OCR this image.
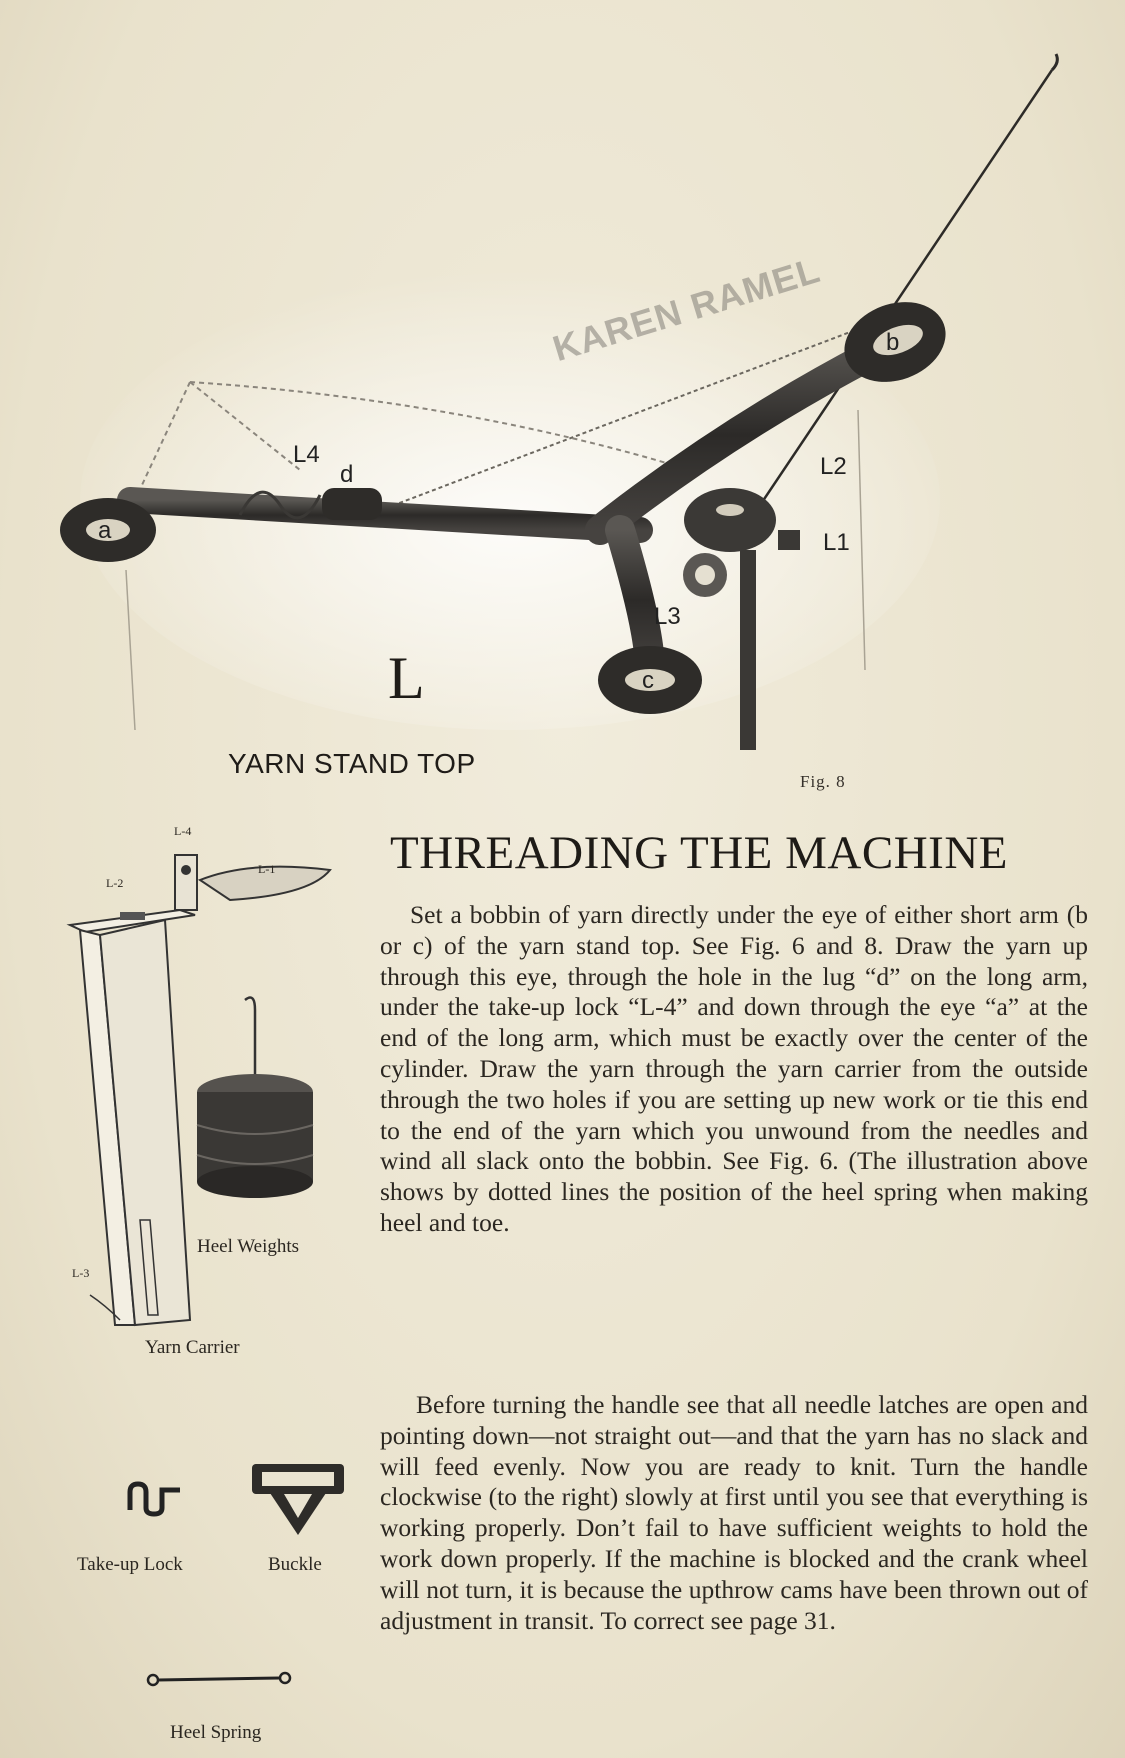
a
b
c
d
L1
L2
L3
L4
L
KAREN RAMEL
YARN STAND TOP
Fig. 8
L-4
L-2
L-1
L-3
Heel Weights
Yarn Carrier
Take-up Lock	Buckle
Heel Spring
THREADING THE MACHINE

Set a bobbin of yarn directly under the eye of either short arm (b or c) of the yarn stand top. See Fig. 6 and 8. Draw the yarn up through this eye, through the hole in the lug “d” on the long arm, under the take-up lock “L-4” and down through the eye “a” at the end of the long arm, which must be exactly over the center of the cylinder. Draw the yarn through the yarn carrier from the outside through the two holes if you are setting up new work or tie this end to the end of the yarn which you unwound from the needles and wind all slack onto the bobbin. See Fig. 6. (The illustration above shows by dotted lines the position of the heel spring when making heel and toe.

Before turning the handle see that all needle latches are open and pointing down—not straight out—and that the yarn has no slack and will feed evenly. Now you are ready to knit. Turn the handle clockwise (to the right) slowly at first until you see that everything is working properly. Don’t fail to have sufficient weights to hold the work down properly. If the machine is blocked and the crank wheel will not turn, it is because the upthrow cams have been thrown out of adjustment in transit. To correct see page 31.
